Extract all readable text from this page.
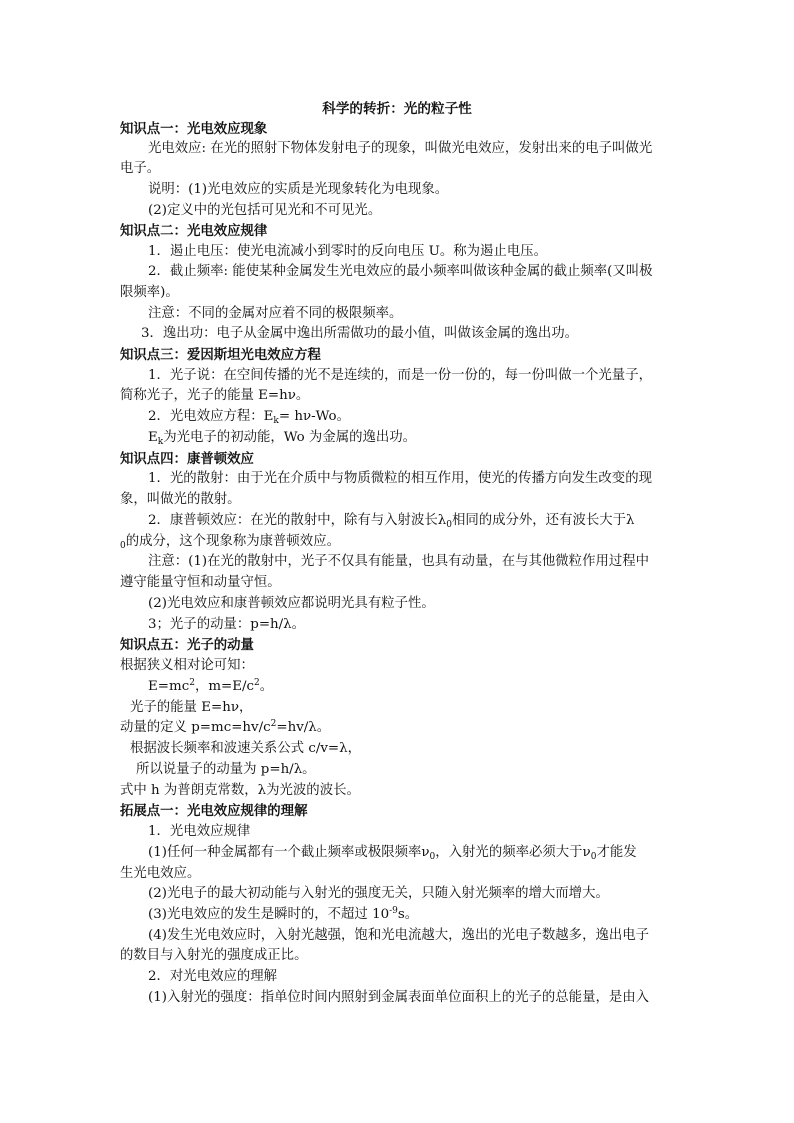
科学的转折：光的粒子性
知识点一：光电效应现象
光电效应: 在光的照射下物体发射电子的现象，叫做光电效应，发射出来的电子叫做光
电子。
说明：(1)光电效应的实质是光现象转化为电现象。
(2)定义中的光包括可见光和不可见光。
知识点二：光电效应规律
1．遏止电压：使光电流减小到零时的反向电压 U。称为遏止电压。
2．截止频率: 能使某种金属发生光电效应的最小频率叫做该种金属的截止频率(又叫极
限频率)。
注意：不同的金属对应着不同的极限频率。
3．逸出功：电子从金属中逸出所需做功的最小值，叫做该金属的逸出功。
知识点三：爱因斯坦光电效应方程
1．光子说：在空间传播的光不是连续的，而是一份一份的，每一份叫做一个光量子，
简称光子，光子的能量 E=hν。
2．光电效应方程：$E_k= h\nu-Wo$。
$E_k$为光电子的初动能，Wo 为金属的逸出功。
知识点四：康普顿效应
1．光的散射：由于光在介质中与物质微粒的相互作用，使光的传播方向发生改变的现
象，叫做光的散射。
2．康普顿效应：在光的散射中，除有与入射波长$\lambda_0$相同的成分外，还有波长大于λ
$_0$的成分，这个现象称为康普顿效应。
注意：(1)在光的散射中，光子不仅具有能量，也具有动量，在与其他微粒作用过程中
遵守能量守恒和动量守恒。
(2)光电效应和康普顿效应都说明光具有粒子性。
3；光子的动量：p=h/λ。
知识点五：光子的动量
根据狭义相对论可知：
$E=mc^2$，$m=E/c^2$。
光子的能量 E=hν，
动量的定义 $p=mc=hv/c^2=hv/\lambda$。
根据波长频率和波速关系公式 c/v=λ，
所以说量子的动量为 p=h/λ。
式中 h 为普朗克常数，λ为光波的波长。
拓展点一：光电效应规律的理解
1．光电效应规律
(1)任何一种金属都有一个截止频率或极限频率$\nu_0$，入射光的频率必须大于$\nu_0$才能发
生光电效应。
(2)光电子的最大初动能与入射光的强度无关，只随入射光频率的增大而增大。
(3)光电效应的发生是瞬时的，不超过 $10^{-9}s$。
(4)发生光电效应时，入射光越强，饱和光电流越大，逸出的光电子数越多，逸出电子
的数目与入射光的强度成正比。
2．对光电效应的理解
(1)入射光的强度：指单位时间内照射到金属表面单位面积上的光子的总能量，是由入
